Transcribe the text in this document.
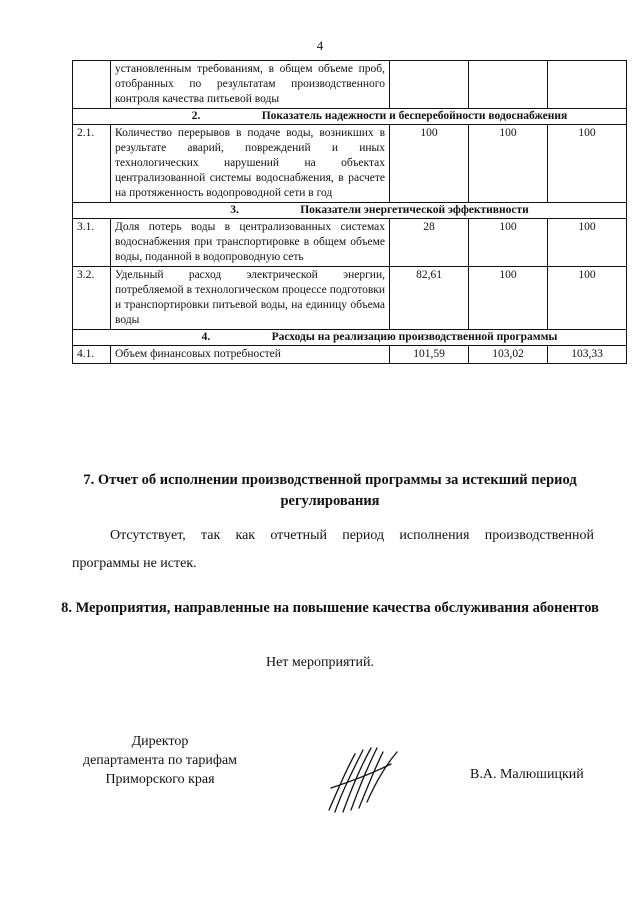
4
	установленным требованиям, в общем объеме проб, отобранных по результатам производственного контроля качества питьевой воды			
2. Показатель надежности и бесперебойности водоснабжения				
2.1.	Количество перерывов в подаче воды, возникших в результате аварий, повреждений и иных технологических нарушений на объектах централизованной системы водоснабжения, в расчете на протяженность водопроводной сети в год	100	100	100
3. Показатели энергетической эффективности				
3.1.	Доля потерь воды в централизованных системах водоснабжения при транспортировке в общем объеме воды, поданной в водопроводную сеть	28	100	100
3.2.	Удельный расход электрической энергии, потребляемой в технологическом процессе подготовки и транспортировки питьевой воды, на единицу объема воды	82,61	100	100
4. Расходы на реализацию производственной программы				
4.1.	Объем финансовых потребностей	101,59	103,02	103,33
7. Отчет об исполнении производственной программы за истекший период регулирования
Отсутствует, так как отчетный период исполнения производственной программы не истек.
8. Мероприятия, направленные на повышение качества обслуживания абонентов
Нет мероприятий.
Директор
департамента по тарифам
Приморского края	В.А. Малюшицкий
